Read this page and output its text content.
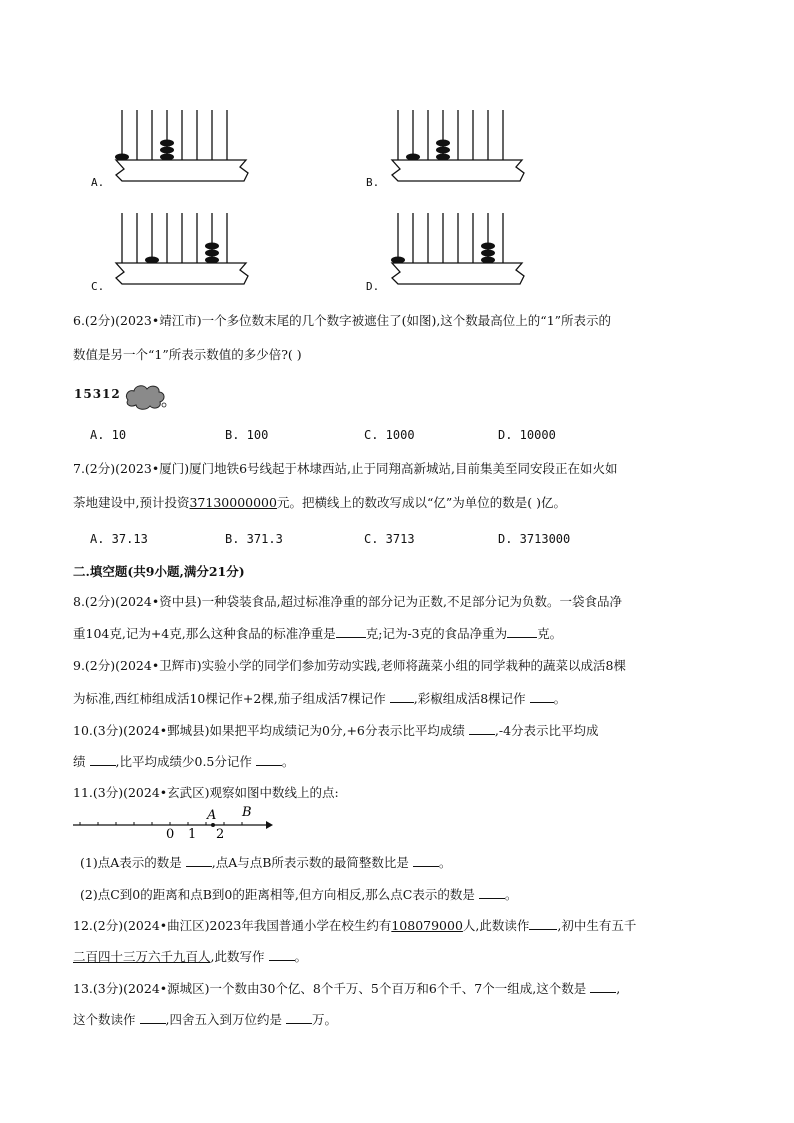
A.	B.
C.	D.
6.(2分)(2023•靖江市)一个多位数末尾的几个数字被遮住了(如图),这个数最高位上的“1”所表示的
数值是另一个“1”所表示数值的多少倍?( )
15312
A. 10	B. 100	C. 1000	D. 10000
7.(2分)(2023•厦门)厦门地铁6号线起于林埭西站,止于同翔高新城站,目前集美至同安段正在如火如
荼地建设中,预计投资37130000000元。把横线上的数改写成以“亿”为单位的数是( )亿。
A. 37.13	B. 371.3	C. 3713	D. 3713000
二.填空题(共9小题,满分21分)
8.(2分)(2024•资中县)一种袋装食品,超过标准净重的部分记为正数,不足部分记为负数。一袋食品净
重104克,记为+4克,那么这种食品的标准净重是 克;记为-3克的食品净重为 克。
9.(2分)(2024•卫辉市)实验小学的同学们参加劳动实践,老师将蔬菜小组的同学栽种的蔬菜以成活8棵
为标准,西红柿组成活10棵记作+2棵,茄子组成活7棵记作 ,彩椒组成活8棵记作 。
10.(3分)(2024•鄄城县)如果把平均成绩记为0分,+6分表示比平均成绩 ,-4分表示比平均成
绩 ,比平均成绩少0.5分记作 。
11.(3分)(2024•玄武区)观察如图中数线上的点:
0 1 2
A B
(1)点A表示的数是 ,点A与点B所表示数的最简整数比是 。
(2)点C到0的距离和点B到0的距离相等,但方向相反,那么点C表示的数是 。
12.(2分)(2024•曲江区)2023年我国普通小学在校生约有108079000人,此数读作 ,初中生有五千
二百四十三万六千九百人,此数写作 。
13.(3分)(2024•源城区)一个数由30个亿、8个千万、5个百万和6个千、7个一组成,这个数是 ,
这个数读作 ,四舍五入到万位约是 万。
